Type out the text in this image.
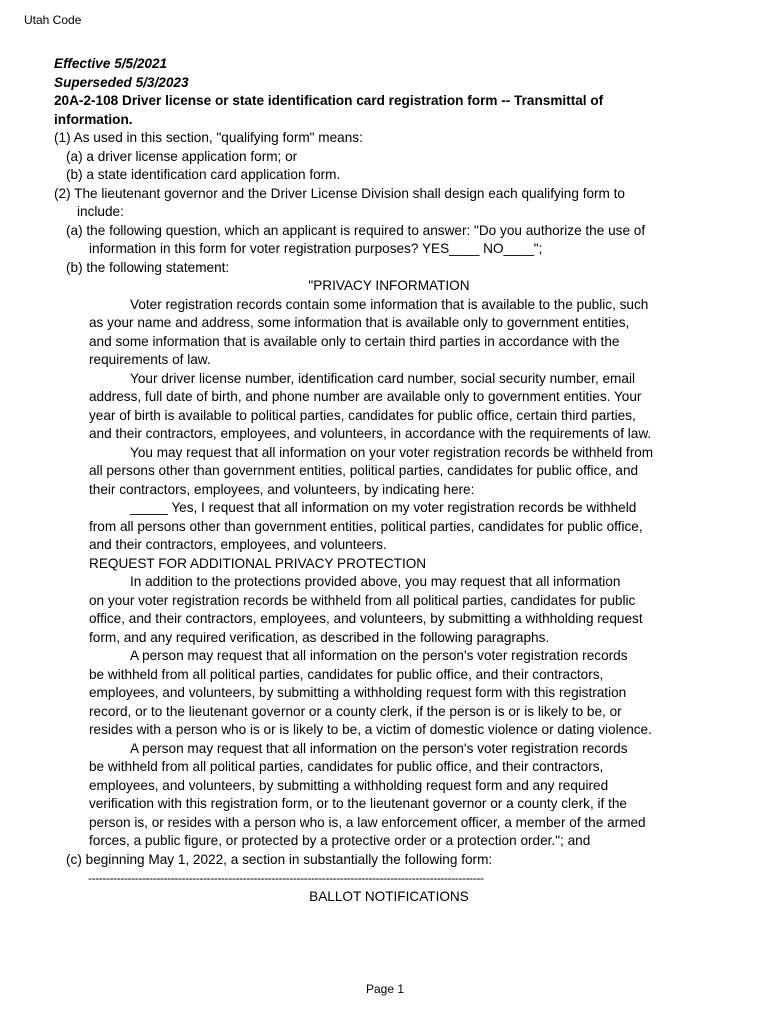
Utah Code
Effective 5/5/2021
Superseded 5/3/2023
20A-2-108 Driver license or state identification card registration form -- Transmittal of
information.
(1) As used in this section, "qualifying form" means:
(a) a driver license application form; or
(b) a state identification card application form.
(2) The lieutenant governor and the Driver License Division shall design each qualifying form to
include:
(a) the following question, which an applicant is required to answer: "Do you authorize the use of
information in this form for voter registration purposes? YES____ NO____";
(b) the following statement:
"PRIVACY INFORMATION
Voter registration records contain some information that is available to the public, such
as your name and address, some information that is available only to government entities,
and some information that is available only to certain third parties in accordance with the
requirements of law.
Your driver license number, identification card number, social security number, email
address, full date of birth, and phone number are available only to government entities. Your
year of birth is available to political parties, candidates for public office, certain third parties,
and their contractors, employees, and volunteers, in accordance with the requirements of law.
You may request that all information on your voter registration records be withheld from
all persons other than government entities, political parties, candidates for public office, and
their contractors, employees, and volunteers, by indicating here:
_____ Yes, I request that all information on my voter registration records be withheld
from all persons other than government entities, political parties, candidates for public office,
and their contractors, employees, and volunteers.
REQUEST FOR ADDITIONAL PRIVACY PROTECTION
In addition to the protections provided above, you may request that all information
on your voter registration records be withheld from all political parties, candidates for public
office, and their contractors, employees, and volunteers, by submitting a withholding request
form, and any required verification, as described in the following paragraphs.
A person may request that all information on the person's voter registration records
be withheld from all political parties, candidates for public office, and their contractors,
employees, and volunteers, by submitting a withholding request form with this registration
record, or to the lieutenant governor or a county clerk, if the person is or is likely to be, or
resides with a person who is or is likely to be, a victim of domestic violence or dating violence.
A person may request that all information on the person's voter registration records
be withheld from all political parties, candidates for public office, and their contractors,
employees, and volunteers, by submitting a withholding request form and any required
verification with this registration form, or to the lieutenant governor or a county clerk, if the
person is, or resides with a person who is, a law enforcement officer, a member of the armed
forces, a public figure, or protected by a protective order or a protection order."; and
(c) beginning May 1, 2022, a section in substantially the following form:
--------------------------------------------------------------------------------------------------------------
BALLOT NOTIFICATIONS
Page 1
